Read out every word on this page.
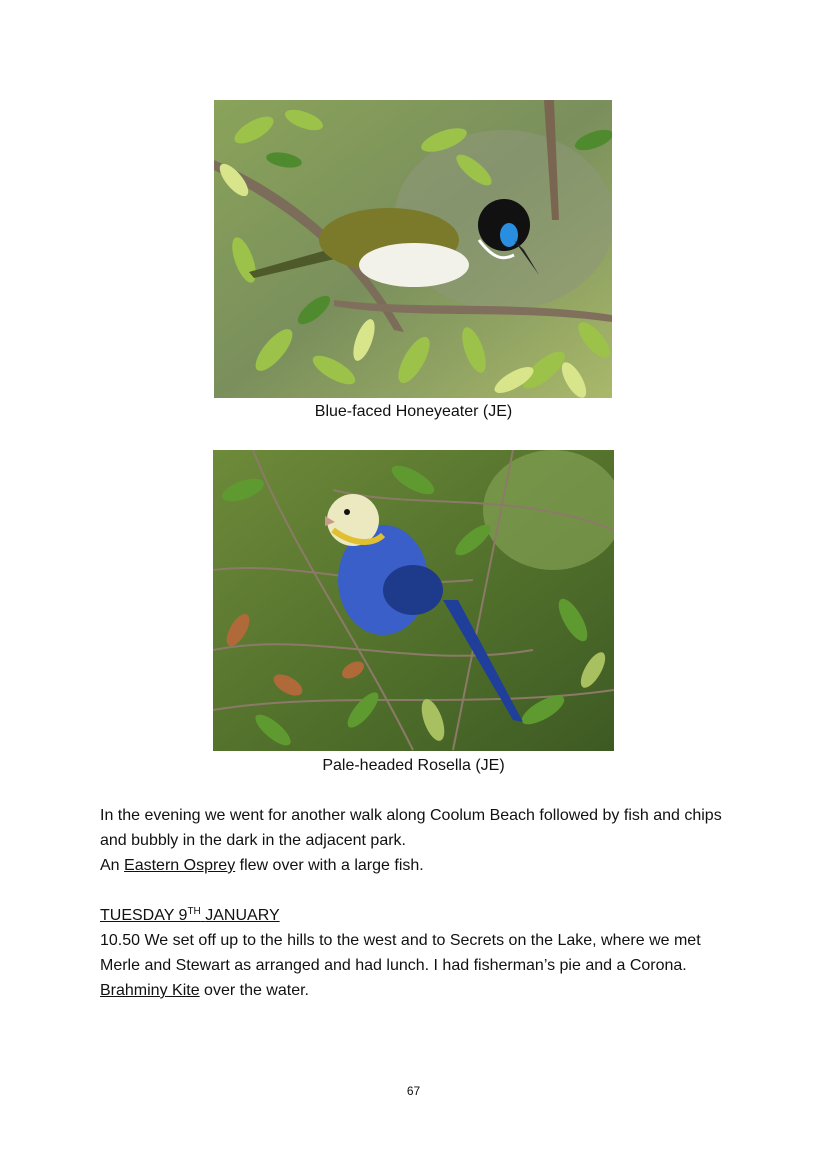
Blue-faced Honeyeater (JE)
Pale-headed Rosella (JE)

In the evening we went for another walk along Coolum Beach followed by fish and chips and bubbly in the dark in the adjacent park.
An Eastern Osprey flew over with a large fish.

TUESDAY 9TH JANUARY

10.50 We set off up to the hills to the west and to Secrets on the Lake, where we met Merle and Stewart as arranged and had lunch. I had fisherman’s pie and a Corona.
Brahminy Kite over the water.

67
